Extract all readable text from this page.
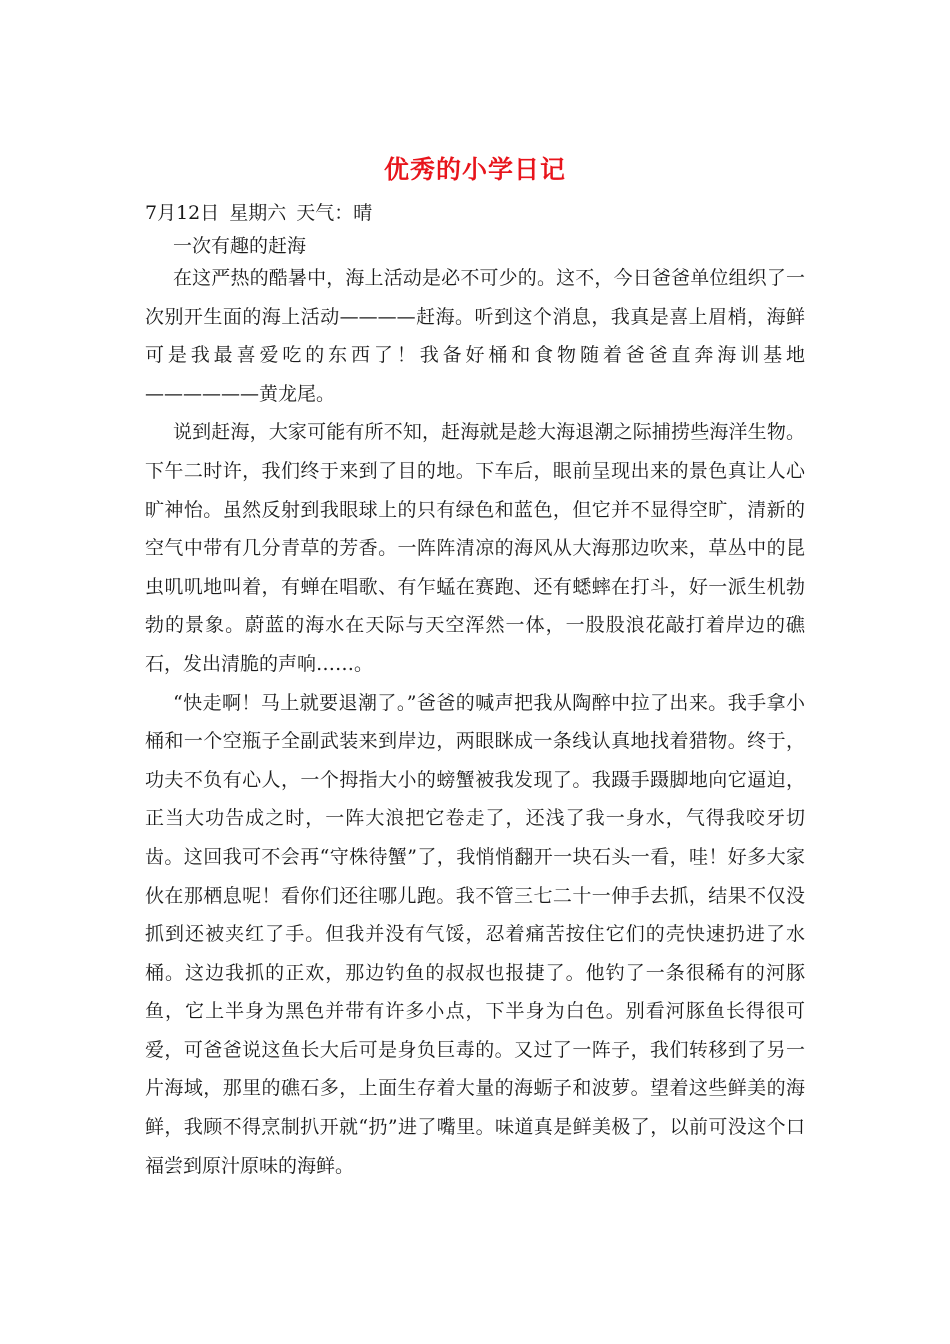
优秀的小学日记
7月12日 星期六 天气：晴
一次有趣的赶海

在这严热的酷暑中，海上活动是必不可少的。这不，今日爸爸单位组织了一次别开生面的海上活动————赶海。听到这个消息，我真是喜上眉梢，海鲜可是我最喜爱吃的东西了！我备好桶和食物随着爸爸直奔海训基地——————黄龙尾。

说到赶海，大家可能有所不知，赶海就是趁大海退潮之际捕捞些海洋生物。下午二时许，我们终于来到了目的地。下车后，眼前呈现出来的景色真让人心旷神怡。虽然反射到我眼球上的只有绿色和蓝色，但它并不显得空旷，清新的空气中带有几分青草的芳香。一阵阵清凉的海风从大海那边吹来，草丛中的昆虫叽叽地叫着，有蝉在唱歌、有乍蜢在赛跑、还有蟋蟀在打斗，好一派生机勃勃的景象。蔚蓝的海水在天际与天空浑然一体，一股股浪花敲打着岸边的礁石，发出清脆的声响……。

“快走啊！马上就要退潮了。”爸爸的喊声把我从陶醉中拉了出来。我手拿小桶和一个空瓶子全副武装来到岸边，两眼眯成一条线认真地找着猎物。终于，功夫不负有心人，一个拇指大小的螃蟹被我发现了。我蹑手蹑脚地向它逼迫，正当大功告成之时，一阵大浪把它卷走了，还浅了我一身水，气得我咬牙切齿。这回我可不会再“守株待蟹”了，我悄悄翻开一块石头一看，哇！好多大家伙在那栖息呢！看你们还往哪儿跑。我不管三七二十一伸手去抓，结果不仅没抓到还被夹红了手。但我并没有气馁，忍着痛苦按住它们的壳快速扔进了水桶。这边我抓的正欢，那边钓鱼的叔叔也报捷了。他钓了一条很稀有的河豚鱼，它上半身为黑色并带有许多小点，下半身为白色。别看河豚鱼长得很可爱，可爸爸说这鱼长大后可是身负巨毒的。又过了一阵子，我们转移到了另一片海域，那里的礁石多，上面生存着大量的海蛎子和波萝。望着这些鲜美的海鲜，我顾不得烹制扒开就“扔”进了嘴里。味道真是鲜美极了，以前可没这个口福尝到原汁原味的海鲜。
